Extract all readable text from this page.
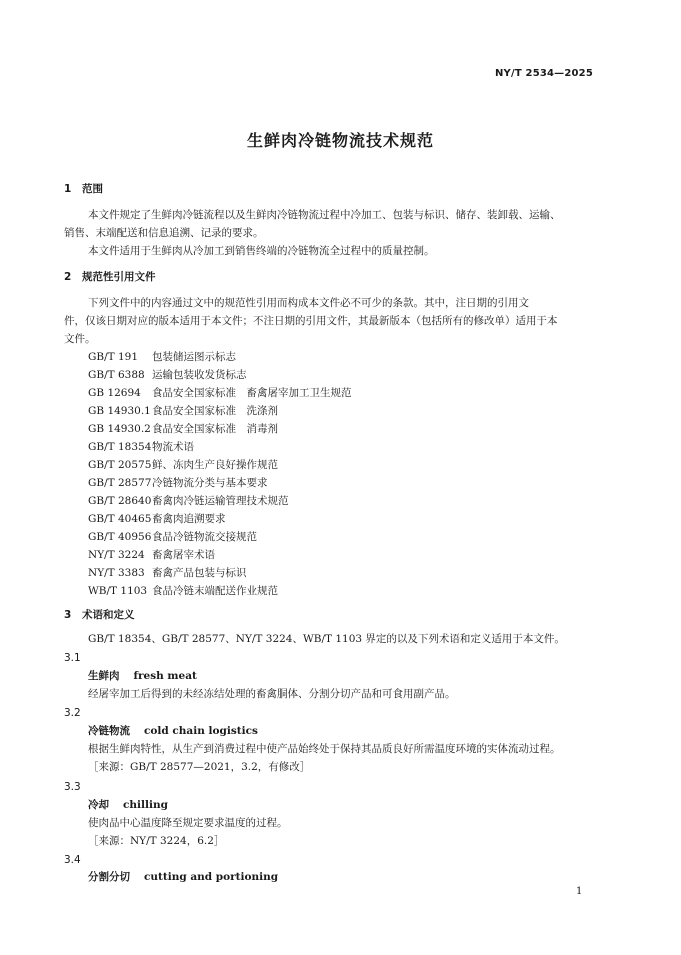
NY/T 2534—2025
生鲜肉冷链物流技术规范
1 范围
本文件规定了生鲜肉冷链流程以及生鲜肉冷链物流过程中冷加工、包装与标识、储存、装卸载、运输、
销售、末端配送和信息追溯、记录的要求。
本文件适用于生鲜肉从冷加工到销售终端的冷链物流全过程中的质量控制。
2 规范性引用文件
下列文件中的内容通过文中的规范性引用而构成本文件必不可少的条款。其中，注日期的引用文
件，仅该日期对应的版本适用于本文件；不注日期的引用文件，其最新版本（包括所有的修改单）适用于本
文件。
GB/T 191 包装储运图示标志
GB/T 6388 运输包装收发货标志
GB 12694 食品安全国家标准　畜禽屠宰加工卫生规范
GB 14930.1食品安全国家标准　洗涤剂
GB 14930.2食品安全国家标准　消毒剂
GB/T 18354物流术语
GB/T 20575鲜、冻肉生产良好操作规范
GB/T 28577冷链物流分类与基本要求
GB/T 28640畜禽肉冷链运输管理技术规范
GB/T 40465畜禽肉追溯要求
GB/T 40956食品冷链物流交接规范
NY/T 3224 畜禽屠宰术语
NY/T 3383 畜禽产品包装与标识
WB/T 1103 食品冷链末端配送作业规范
3 术语和定义
GB/T 18354、GB/T 28577、NY/T 3224、WB/T 1103 界定的以及下列术语和定义适用于本文件。
3.1
生鲜肉 fresh meat
经屠宰加工后得到的未经冻结处理的畜禽胴体、分割分切产品和可食用副产品。
3.2
冷链物流 cold chain logistics
根据生鲜肉特性，从生产到消费过程中使产品始终处于保持其品质良好所需温度环境的实体流动过程。
［来源：GB/T 28577—2021，3.2，有修改］
3.3
冷却 chilling
使肉品中心温度降至规定要求温度的过程。
［来源：NY/T 3224，6.2］
3.4
分割分切 cutting and portioning
1
